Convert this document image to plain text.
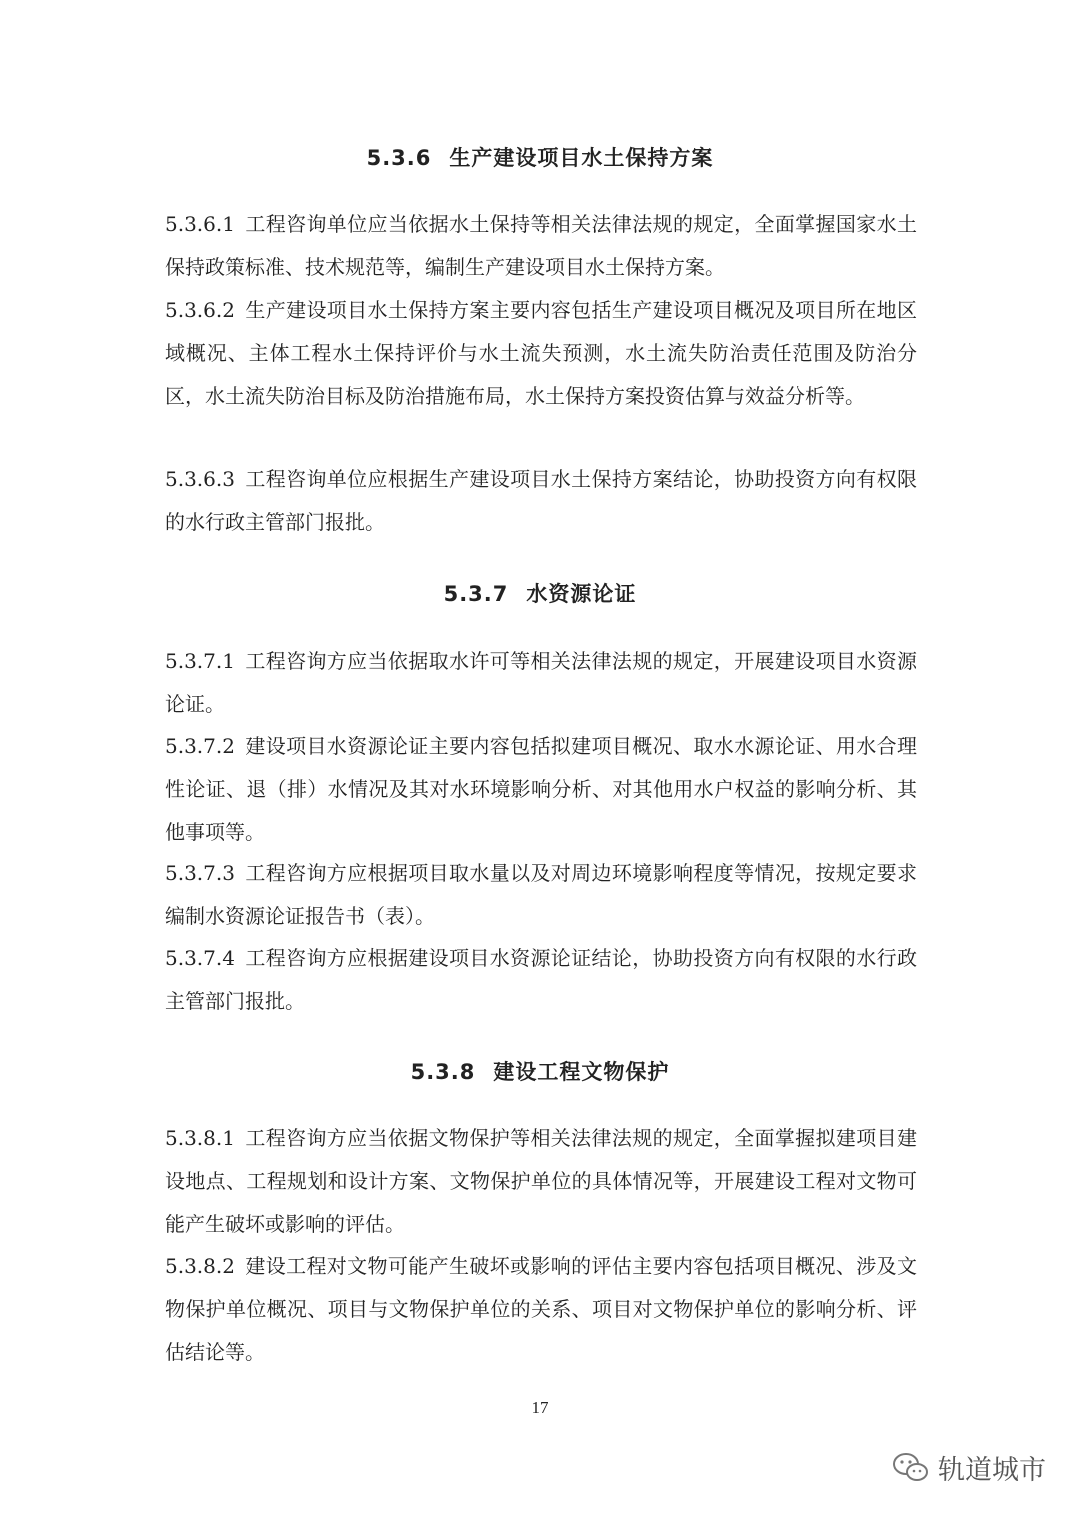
5.3.6 生产建设项目水土保持方案
5.3.6.1 工程咨询单位应当依据水土保持等相关法律法规的规定，全面掌握国家水土保持政策标准、技术规范等，编制生产建设项目水土保持方案。
5.3.6.2 生产建设项目水土保持方案主要内容包括生产建设项目概况及项目所在地区域概况、主体工程水土保持评价与水土流失预测，水土流失防治责任范围及防治分区，水土流失防治目标及防治措施布局，水土保持方案投资估算与效益分析等。
5.3.6.3 工程咨询单位应根据生产建设项目水土保持方案结论，协助投资方向有权限的水行政主管部门报批。
5.3.7 水资源论证
5.3.7.1 工程咨询方应当依据取水许可等相关法律法规的规定，开展建设项目水资源论证。
5.3.7.2 建设项目水资源论证主要内容包括拟建项目概况、取水水源论证、用水合理性论证、退（排）水情况及其对水环境影响分析、对其他用水户权益的影响分析、其他事项等。
5.3.7.3 工程咨询方应根据项目取水量以及对周边环境影响程度等情况，按规定要求编制水资源论证报告书（表）。
5.3.7.4 工程咨询方应根据建设项目水资源论证结论，协助投资方向有权限的水行政主管部门报批。
5.3.8 建设工程文物保护
5.3.8.1 工程咨询方应当依据文物保护等相关法律法规的规定，全面掌握拟建项目建设地点、工程规划和设计方案、文物保护单位的具体情况等，开展建设工程对文物可能产生破坏或影响的评估。
5.3.8.2 建设工程对文物可能产生破坏或影响的评估主要内容包括项目概况、涉及文物保护单位概况、项目与文物保护单位的关系、项目对文物保护单位的影响分析、评估结论等。
17
轨道城市
